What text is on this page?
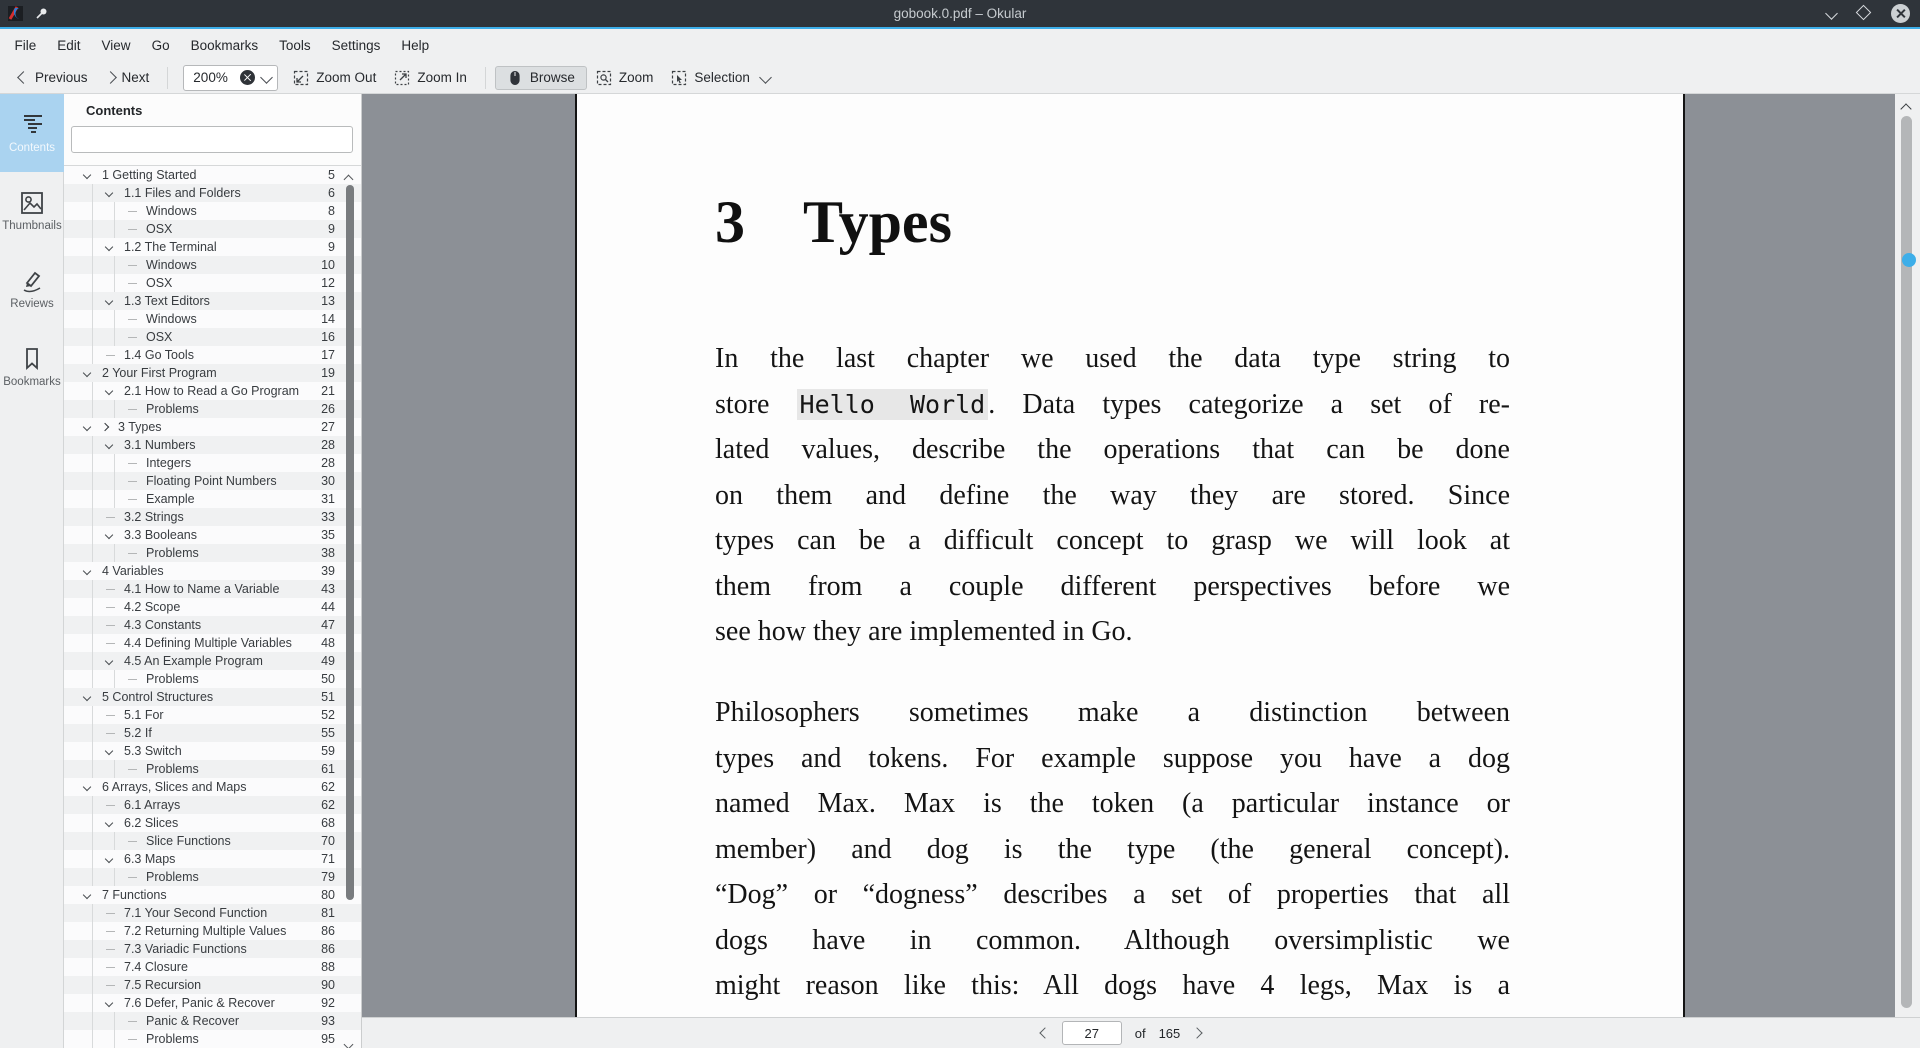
gobook.0.pdf – Okular
File	Edit	View	Go	Bookmarks	Tools	Settings	Help
Previous	Next	200%	Zoom Out	Zoom In	Browse	Zoom	Selection
Contents
Thumbnails
Reviews
Bookmarks
Contents
1 Getting Started	5
1.1 Files and Folders	6
Windows	8
OSX	9
1.2 The Terminal	9
Windows	10
OSX	12
1.3 Text Editors	13
Windows	14
OSX	16
1.4 Go Tools	17
2 Your First Program	19
2.1 How to Read a Go Program 21
Problems	26
3 Types	27
3.1 Numbers	28
Integers	28
Floating Point Numbers	30
Example	31
3.2 Strings	33
3.3 Booleans	35
Problems	38
4 Variables	39
4.1 How to Name a Variable	43
4.2 Scope	44
4.3 Constants	47
4.4 Defining Multiple Variables 48
4.5 An Example Program	49
Problems	50
5 Control Structures	51
5.1 For	52
5.2 If	55
5.3 Switch	59
Problems	61
6 Arrays, Slices and Maps	62
6.1 Arrays	62
6.2 Slices	68
Slice Functions	70
6.3 Maps	71
Problems	79
7 Functions	80
7.1 Your Second Function	81
7.2 Returning Multiple Values	86
7.3 Variadic Functions	86
7.4 Closure	88
7.5 Recursion	90
7.6 Defer, Panic & Recover	92
Panic & Recover	93
Problems	95
3 Types
In the last chapter we used the data type string to
store Hello World . Data types categorize a set of re-
lated values, describe the operations that can be done
on them and define the way they are stored. Since
types can be a difficult concept to grasp we will look at
them from a couple different perspectives before we
see how they are implemented in Go.
Philosophers sometimes make a distinction between
types and tokens. For example suppose you have a dog
named Max. Max is the token (a particular instance or
member) and dog is the type (the general concept).
“Dog” or “dogness” describes a set of properties that all
dogs have in common. Although oversimplistic we
might reason like this: All dogs have 4 legs, Max is a
27
of 165
